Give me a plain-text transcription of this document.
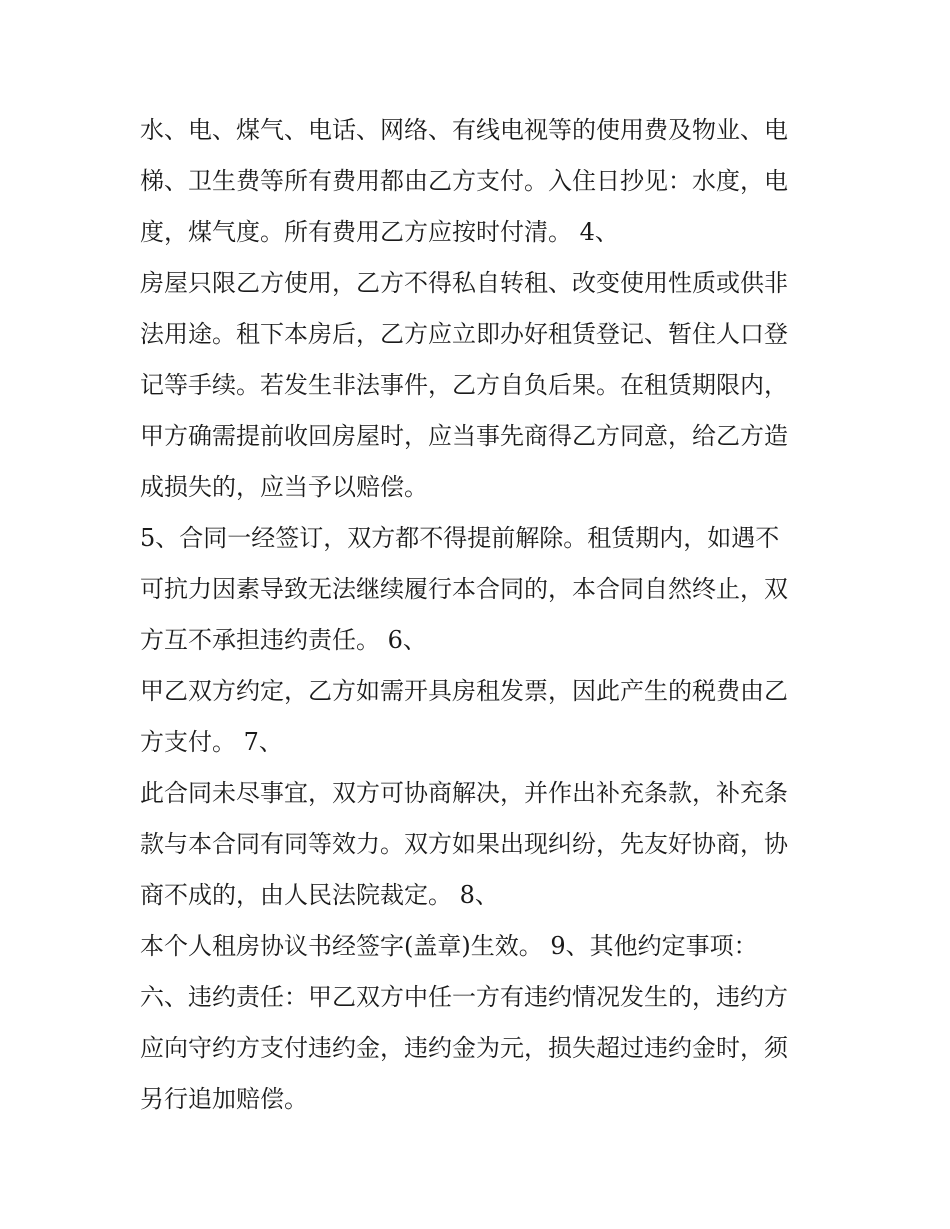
水、电、煤气、电话、网络、有线电视等的使用费及物业、电
梯、卫生费等所有费用都由乙方支付。入住日抄见：水度，电
度，煤气度。所有费用乙方应按时付清。 4、
房屋只限乙方使用，乙方不得私自转租、改变使用性质或供非
法用途。租下本房后，乙方应立即办好租赁登记、暂住人口登
记等手续。若发生非法事件，乙方自负后果。在租赁期限内，
甲方确需提前收回房屋时，应当事先商得乙方同意，给乙方造
成损失的，应当予以赔偿。
5、合同一经签订，双方都不得提前解除。租赁期内，如遇不
可抗力因素导致无法继续履行本合同的，本合同自然终止，双
方互不承担违约责任。 6、
甲乙双方约定，乙方如需开具房租发票，因此产生的税费由乙
方支付。 7、
此合同未尽事宜，双方可协商解决，并作出补充条款，补充条
款与本合同有同等效力。双方如果出现纠纷，先友好协商，协
商不成的，由人民法院裁定。 8、
本个人租房协议书经签字(盖章)生效。 9、其他约定事项：
六、违约责任：甲乙双方中任一方有违约情况发生的，违约方
应向守约方支付违约金，违约金为元，损失超过违约金时，须
另行追加赔偿。
